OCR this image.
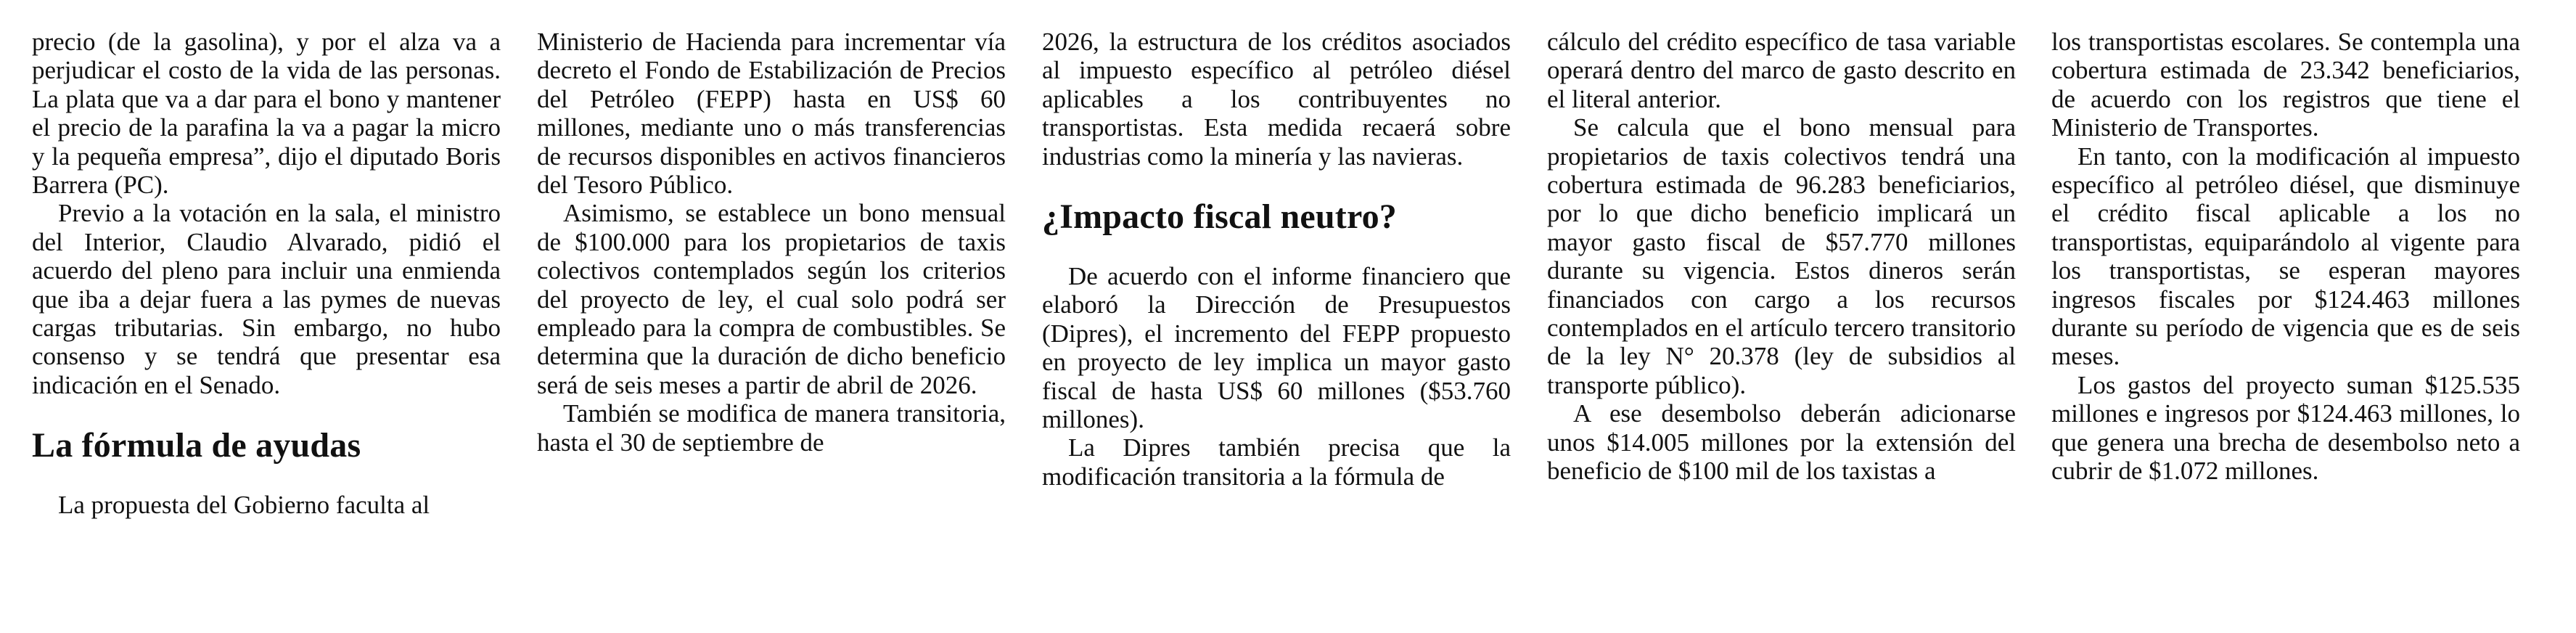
precio (de la gasolina), y por el alza va a perjudicar el costo de la vida de las personas. La plata que va a dar para el bono y mantener el precio de la parafina la va a pagar la micro y la pequeña empresa”, dijo el diputado Boris Barrera (PC).

Previo a la votación en la sala, el ministro del Interior, Claudio Alvarado, pidió el acuerdo del pleno para incluir una enmienda que iba a dejar fuera a las pymes de nuevas cargas tributarias. Sin embargo, no hubo consenso y se tendrá que presentar esa indicación en el Senado.

La fórmula de ayudas

La propuesta del Gobierno faculta al

Ministerio de Hacienda para incrementar vía decreto el Fondo de Estabilización de Precios del Petróleo (FEPP) hasta en US$ 60 millones, mediante uno o más transferencias de recursos disponibles en activos financieros del Tesoro Público.

Asimismo, se establece un bono mensual de $100.000 para los propietarios de taxis colectivos contemplados según los criterios del proyecto de ley, el cual solo podrá ser empleado para la compra de combustibles. Se determina que la duración de dicho beneficio será de seis meses a partir de abril de 2026.

También se modifica de manera transitoria, hasta el 30 de septiembre de

2026, la estructura de los créditos asociados al impuesto específico al petróleo diésel aplicables a los contribuyentes no transportistas. Esta medida recaerá sobre industrias como la minería y las navieras.

¿Impacto fiscal neutro?

De acuerdo con el informe financiero que elaboró la Dirección de Presupuestos (Dipres), el incremento del FEPP propuesto en proyecto de ley implica un mayor gasto fiscal de hasta US$ 60 millones ($53.760 millones).

La Dipres también precisa que la modificación transitoria a la fórmula de

cálculo del crédito específico de tasa variable operará dentro del marco de gasto descrito en el literal anterior.

Se calcula que el bono mensual para propietarios de taxis colectivos tendrá una cobertura estimada de 96.283 beneficiarios, por lo que dicho beneficio implicará un mayor gasto fiscal de $57.770 millones durante su vigencia. Estos dineros serán financiados con cargo a los recursos contemplados en el artículo tercero transitorio de la ley N° 20.378 (ley de subsidios al transporte público).

A ese desembolso deberán adicionarse unos $14.005 millones por la extensión del beneficio de $100 mil de los taxistas a

los transportistas escolares. Se contempla una cobertura estimada de 23.342 beneficiarios, de acuerdo con los registros que tiene el Ministerio de Transportes.

En tanto, con la modificación al impuesto específico al petróleo diésel, que disminuye el crédito fiscal aplicable a los no transportistas, equiparándolo al vigente para los transportistas, se esperan mayores ingresos fiscales por $124.463 millones durante su período de vigencia que es de seis meses.

Los gastos del proyecto suman $125.535 millones e ingresos por $124.463 millones, lo que genera una brecha de desembolso neto a cubrir de $1.072 millones.
